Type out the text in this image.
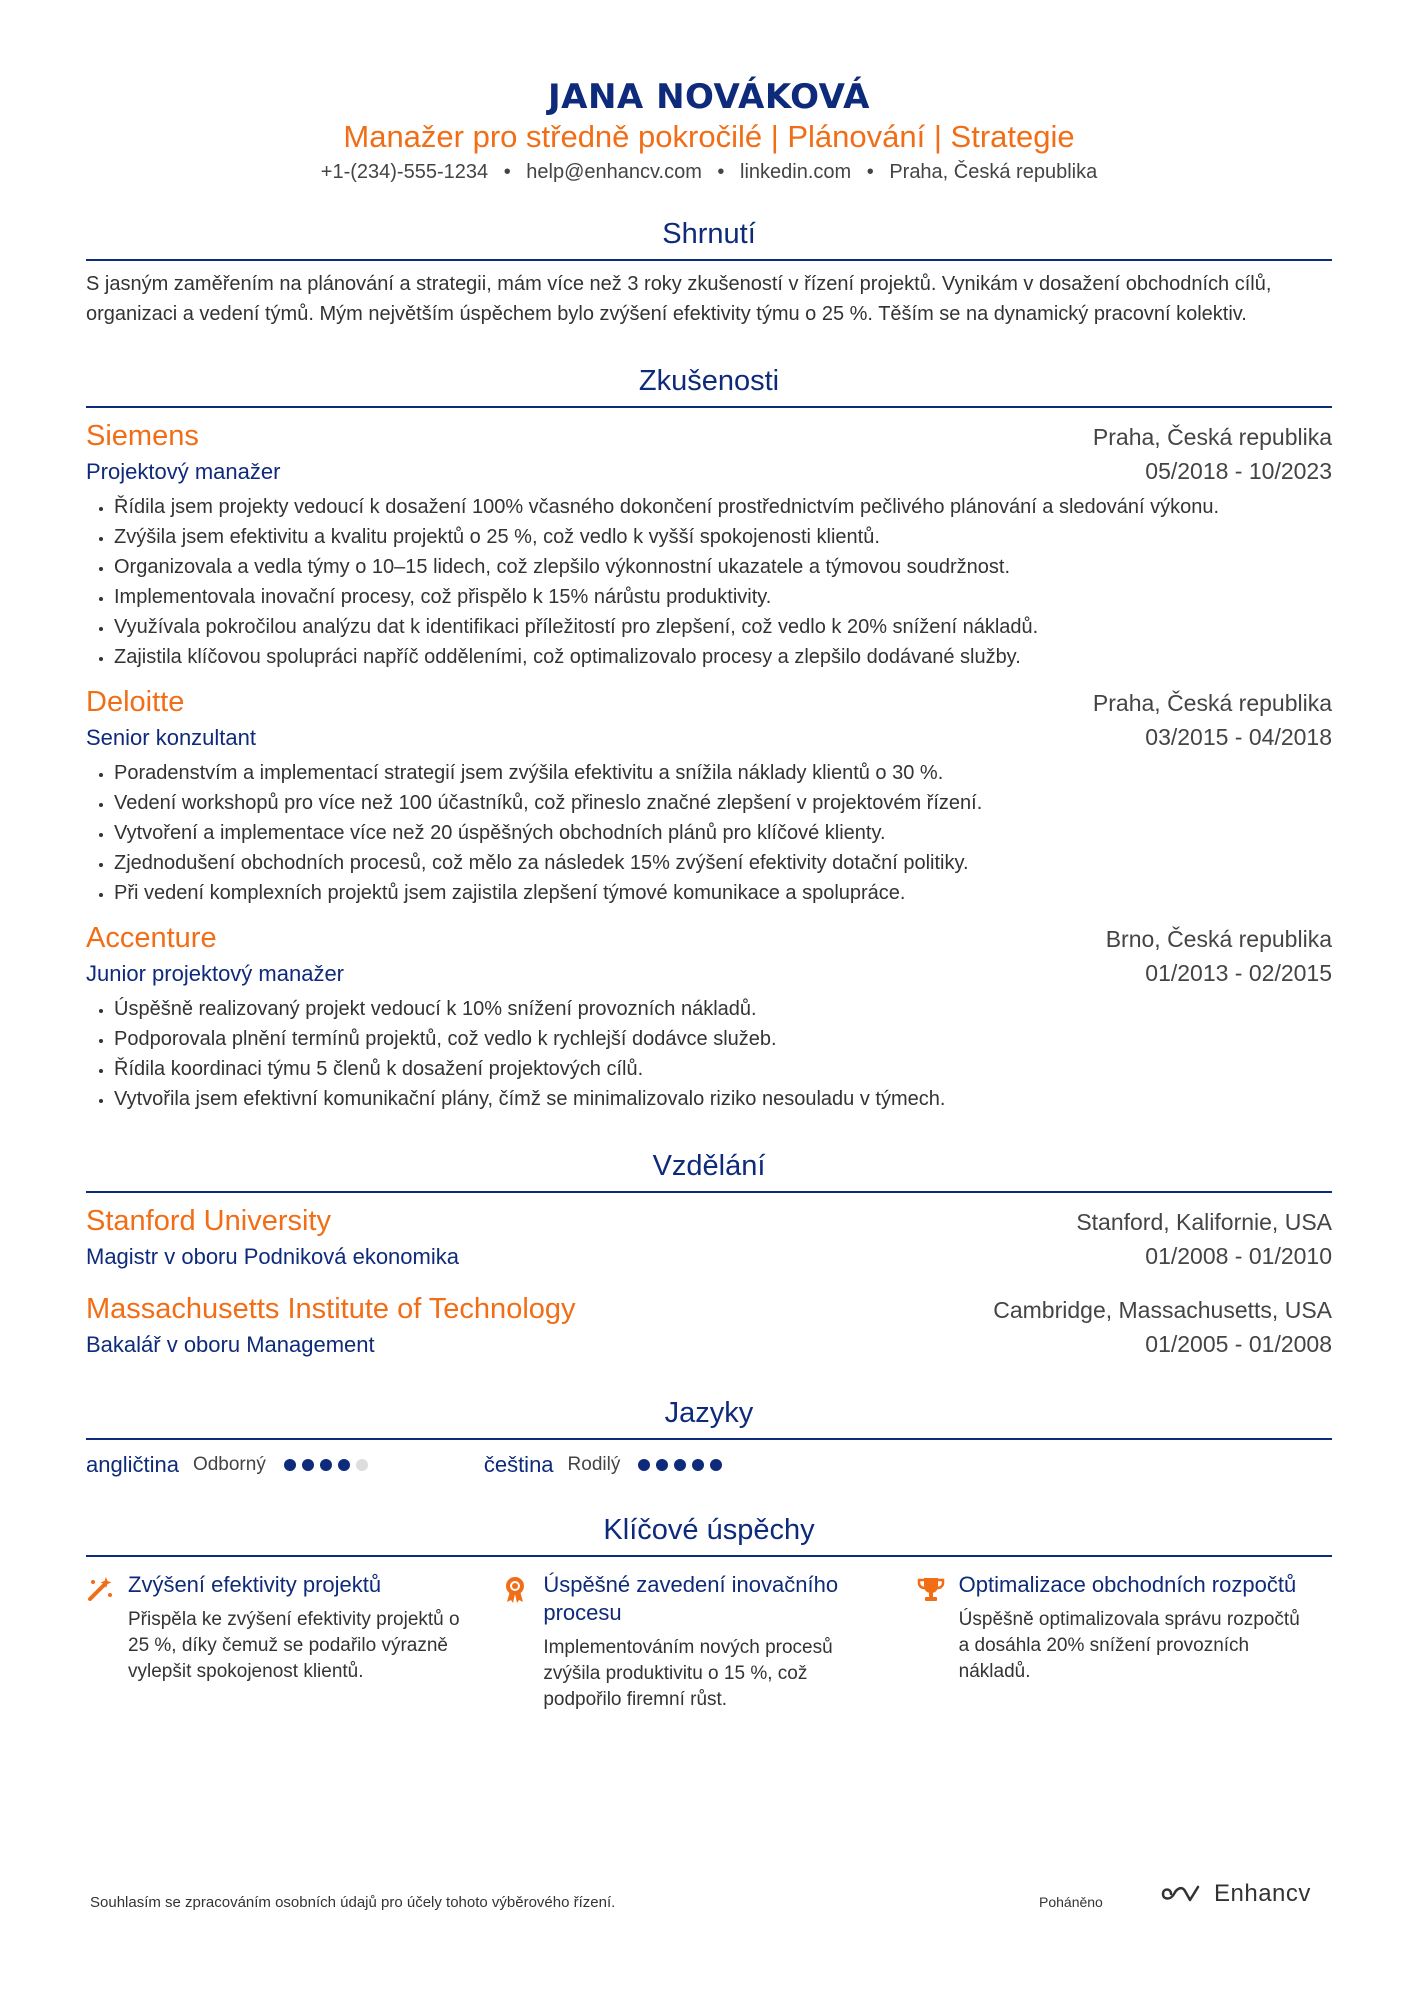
JANA NOVÁKOVÁ
Manažer pro středně pokročilé | Plánování | Strategie
+1-(234)-555-1234 • help@enhancv.com • linkedin.com • Praha, Česká republika
Shrnutí
S jasným zaměřením na plánování a strategii, mám více než 3 roky zkušeností v řízení projektů. Vynikám v dosažení obchodních cílů, organizaci a vedení týmů. Mým největším úspěchem bylo zvýšení efektivity týmu o 25 %. Těším se na dynamický pracovní kolektiv.
Zkušenosti
Siemens	Praha, Česká republika
Projektový manažer	05/2018 - 10/2023
• Řídila jsem projekty vedoucí k dosažení 100% včasného dokončení prostřednictvím pečlivého plánování a sledování výkonu.
• Zvýšila jsem efektivitu a kvalitu projektů o 25 %, což vedlo k vyšší spokojenosti klientů.
• Organizovala a vedla týmy o 10–15 lidech, což zlepšilo výkonnostní ukazatele a týmovou soudržnost.
• Implementovala inovační procesy, což přispělo k 15% nárůstu produktivity.
• Využívala pokročilou analýzu dat k identifikaci příležitostí pro zlepšení, což vedlo k 20% snížení nákladů.
• Zajistila klíčovou spolupráci napříč odděleními, což optimalizovalo procesy a zlepšilo dodávané služby.
Deloitte	Praha, Česká republika
Senior konzultant	03/2015 - 04/2018
• Poradenstvím a implementací strategií jsem zvýšila efektivitu a snížila náklady klientů o 30 %.
• Vedení workshopů pro více než 100 účastníků, což přineslo značné zlepšení v projektovém řízení.
• Vytvoření a implementace více než 20 úspěšných obchodních plánů pro klíčové klienty.
• Zjednodušení obchodních procesů, což mělo za následek 15% zvýšení efektivity dotační politiky.
• Při vedení komplexních projektů jsem zajistila zlepšení týmové komunikace a spolupráce.
Accenture	Brno, Česká republika
Junior projektový manažer	01/2013 - 02/2015
• Úspěšně realizovaný projekt vedoucí k 10% snížení provozních nákladů.
• Podporovala plnění termínů projektů, což vedlo k rychlejší dodávce služeb.
• Řídila koordinaci týmu 5 členů k dosažení projektových cílů.
• Vytvořila jsem efektivní komunikační plány, čímž se minimalizovalo riziko nesouladu v týmech.
Vzdělání
Stanford University	Stanford, Kalifornie, USA
Magistr v oboru Podniková ekonomika	01/2008 - 01/2010
Massachusetts Institute of Technology	Cambridge, Massachusetts, USA
Bakalář v oboru Management	01/2005 - 01/2008
Jazyky
angličtina Odborný	čeština Rodilý
Klíčové úspěchy
Zvýšení efektivity projektů
Přispěla ke zvýšení efektivity projektů o 25 %, díky čemuž se podařilo výrazně vylepšit spokojenost klientů.
Úspěšné zavedení inovačního procesu
Implementováním nových procesů zvýšila produktivitu o 15 %, což podpořilo firemní růst.
Optimalizace obchodních rozpočtů
Úspěšně optimalizovala správu rozpočtů a dosáhla 20% snížení provozních nákladů.
Souhlasím se zpracováním osobních údajů pro účely tohoto výběrového řízení.	Poháněno	Enhancv
